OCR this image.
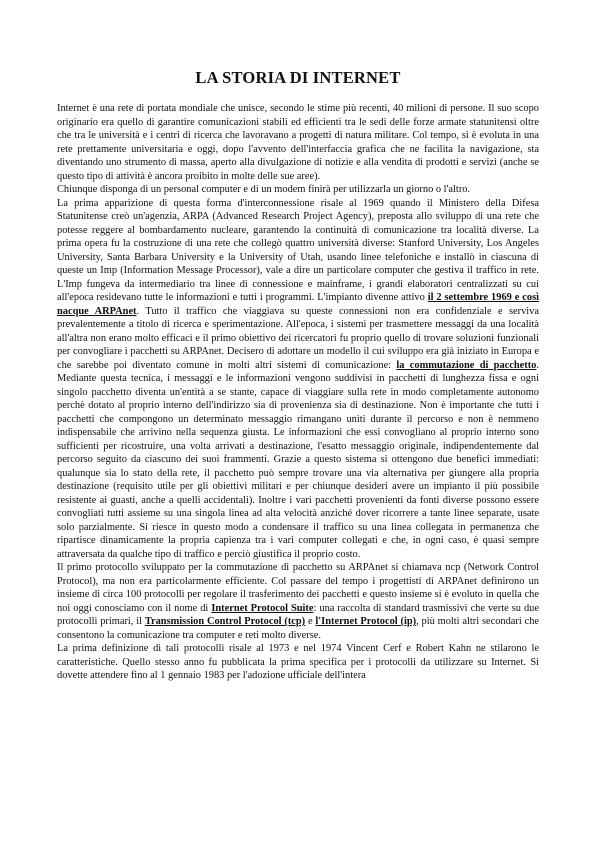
LA STORIA DI INTERNET

Internet è una rete di portata mondiale che unisce, secondo le stime più recenti, 40 milioni di persone. Il suo scopo originario era quello di garantire comunicazioni stabili ed efficienti tra le sedi delle forze armate statunitensi oltre che tra le università e i centri di ricerca che lavoravano a progetti di natura militare. Col tempo, si è evoluta in una rete prettamente universitaria e oggi, dopo l'avvento dell'interfaccia grafica che ne facilita la navigazione, sta diventando uno strumento di massa, aperto alla divulgazione di notizie e alla vendita di prodotti e servizi (anche se questo tipo di attività è ancora proibito in molte delle sue aree).

Chiunque disponga di un personal computer e di un modem finirà per utilizzarla un giorno o l'altro.

La prima apparizione di questa forma d'interconnessione risale al 1969 quando il Ministero della Difesa Statunitense creò un'agenzia, ARPA (Advanced Research Project Agency), preposta allo sviluppo di una rete che potesse reggere al bombardamento nucleare, garantendo la continuità di comunicazione tra località diverse. La prima opera fu la costruzione di una rete che collegò quattro università diverse: Stanford University, Los Angeles University, Santa Barbara University e la University of Utah, usando linee telefoniche e installò in ciascuna di queste un Imp (Information Message Processor), vale a dire un particolare computer che gestiva il traffico in rete. L'Imp fungeva da intermediario tra linee di connessione e mainframe, i grandi elaboratori centralizzati su cui all'epoca residevano tutte le informazioni e tutti i programmi. L'impianto divenne attivo il 2 settembre 1969 e così nacque ARPAnet. Tutto il traffico che viaggiava su queste connessioni non era confidenziale e serviva prevalentemente a titolo di ricerca e sperimentazione. All'epoca, i sistemi per trasmettere messaggi da una località all'altra non erano molto efficaci e il primo obiettivo dei ricercatori fu proprio quello di trovare soluzioni funzionali per convogliare i pacchetti su ARPAnet. Decisero di adottare un modello il cui sviluppo era già iniziato in Europa e che sarebbe poi diventato comune in molti altri sistemi di comunicazione: la commutazione di pacchetto. Mediante questa tecnica, i messaggi e le informazioni vengono suddivisi in pacchetti di lunghezza fissa e ogni singolo pacchetto diventa un'entità a se stante, capace di viaggiare sulla rete in modo completamente autonomo perchè dotato al proprio interno dell'indirizzo sia di provenienza sia di destinazione. Non è importante che tutti i pacchetti che compongono un determinato messaggio rimangano uniti durante il percorso e non è nemmeno indispensabile che arrivino nella sequenza giusta. Le informazioni che essi convogliano al proprio interno sono sufficienti per ricostruire, una volta arrivati a destinazione, l'esatto messaggio originale, indipendentemente dal percorso seguito da ciascuno dei suoi frammenti. Grazie a questo sistema si ottengono due benefici immediati: qualunque sia lo stato della rete, il pacchetto può sempre trovare una via alternativa per giungere alla propria destinazione (requisito utile per gli obiettivi militari e per chiunque desideri avere un impianto il più possibile resistente ai guasti, anche a quelli accidentali). Inoltre i vari pacchetti provenienti da fonti diverse possono essere convogliati tutti assieme su una singola linea ad alta velocità anziché dover ricorrere a tante linee separate, usate solo parzialmente. Si riesce in questo modo a condensare il traffico su una linea collegata in permanenza che ripartisce dinamicamente la propria capienza tra i vari computer collegati e che, in ogni caso, è quasi sempre attraversata da qualche tipo di traffico e perciò giustifica il proprio costo.

Il primo protocollo sviluppato per la commutazione di pacchetto su ARPAnet si chiamava ncp (Network Control Protocol), ma non era particolarmente efficiente. Col passare del tempo i progettisti di ARPAnet definirono un insieme di circa 100 protocolli per regolare il trasferimento dei pacchetti e questo insieme si è evoluto in quella che noi oggi conosciamo con il nome di Internet Protocol Suite: una raccolta di standard trasmissivi che verte su due protocolli primari, il Transmission Control Protocol (tcp) e l'Internet Protocol (ip), più molti altri secondari che consentono la comunicazione tra computer e reti molto diverse.

La prima definizione di tali protocolli risale al 1973 e nel 1974 Vincent Cerf e Robert Kahn ne stilarono le caratteristiche. Quello stesso anno fu pubblicata la prima specifica per i protocolli da utilizzare su Internet. Si dovette attendere fino al 1 gennaio 1983 per l'adozione ufficiale dell'intera
